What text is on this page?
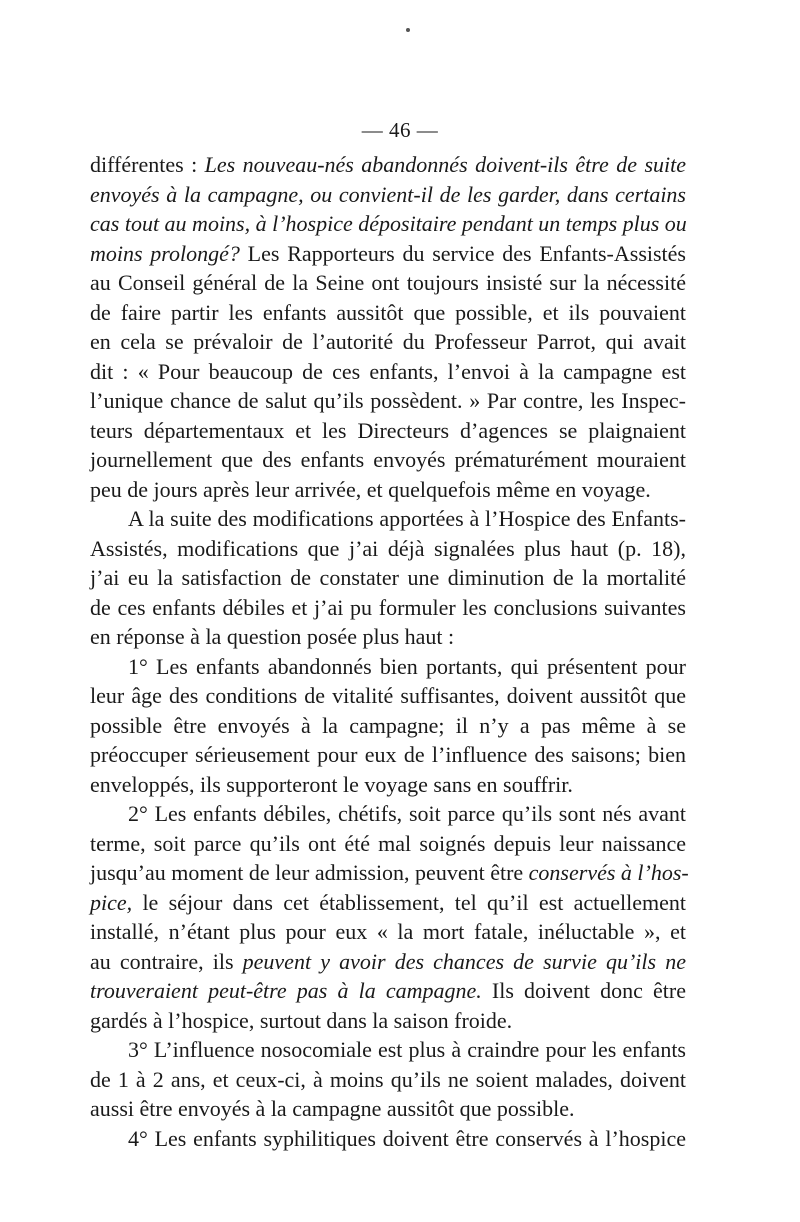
— 46 —
différentes : Les nouveau-nés abandonnés doivent-ils être de suite
envoyés à la campagne, ou convient-il de les garder, dans certains
cas tout au moins, à l’hospice dépositaire pendant un temps plus ou
moins prolongé? Les Rapporteurs du service des Enfants-Assistés
au Conseil général de la Seine ont toujours insisté sur la nécessité
de faire partir les enfants aussitôt que possible, et ils pouvaient
en cela se prévaloir de l’autorité du Professeur Parrot, qui avait
dit : « Pour beaucoup de ces enfants, l’envoi à la campagne est
l’unique chance de salut qu’ils possèdent. » Par contre, les Inspec-
teurs départementaux et les Directeurs d’agences se plaignaient
journellement que des enfants envoyés prématurément mouraient
peu de jours après leur arrivée, et quelquefois même en voyage.
A la suite des modifications apportées à l’Hospice des Enfants-
Assistés, modifications que j’ai déjà signalées plus haut (p. 18),
j’ai eu la satisfaction de constater une diminution de la mortalité
de ces enfants débiles et j’ai pu formuler les conclusions suivantes
en réponse à la question posée plus haut :
1° Les enfants abandonnés bien portants, qui présentent pour
leur âge des conditions de vitalité suffisantes, doivent aussitôt que
possible être envoyés à la campagne; il n’y a pas même à se
préoccuper sérieusement pour eux de l’influence des saisons; bien
enveloppés, ils supporteront le voyage sans en souffrir.
2° Les enfants débiles, chétifs, soit parce qu’ils sont nés avant
terme, soit parce qu’ils ont été mal soignés depuis leur naissance
jusqu’au moment de leur admission, peuvent être conservés à l’hos-
pice, le séjour dans cet établissement, tel qu’il est actuellement
installé, n’étant plus pour eux « la mort fatale, inéluctable », et
au contraire, ils peuvent y avoir des chances de survie qu’ils ne
trouveraient peut-être pas à la campagne. Ils doivent donc être
gardés à l’hospice, surtout dans la saison froide.
3° L’influence nosocomiale est plus à craindre pour les enfants
de 1 à 2 ans, et ceux-ci, à moins qu’ils ne soient malades, doivent
aussi être envoyés à la campagne aussitôt que possible.
4° Les enfants syphilitiques doivent être conservés à l’hospice
